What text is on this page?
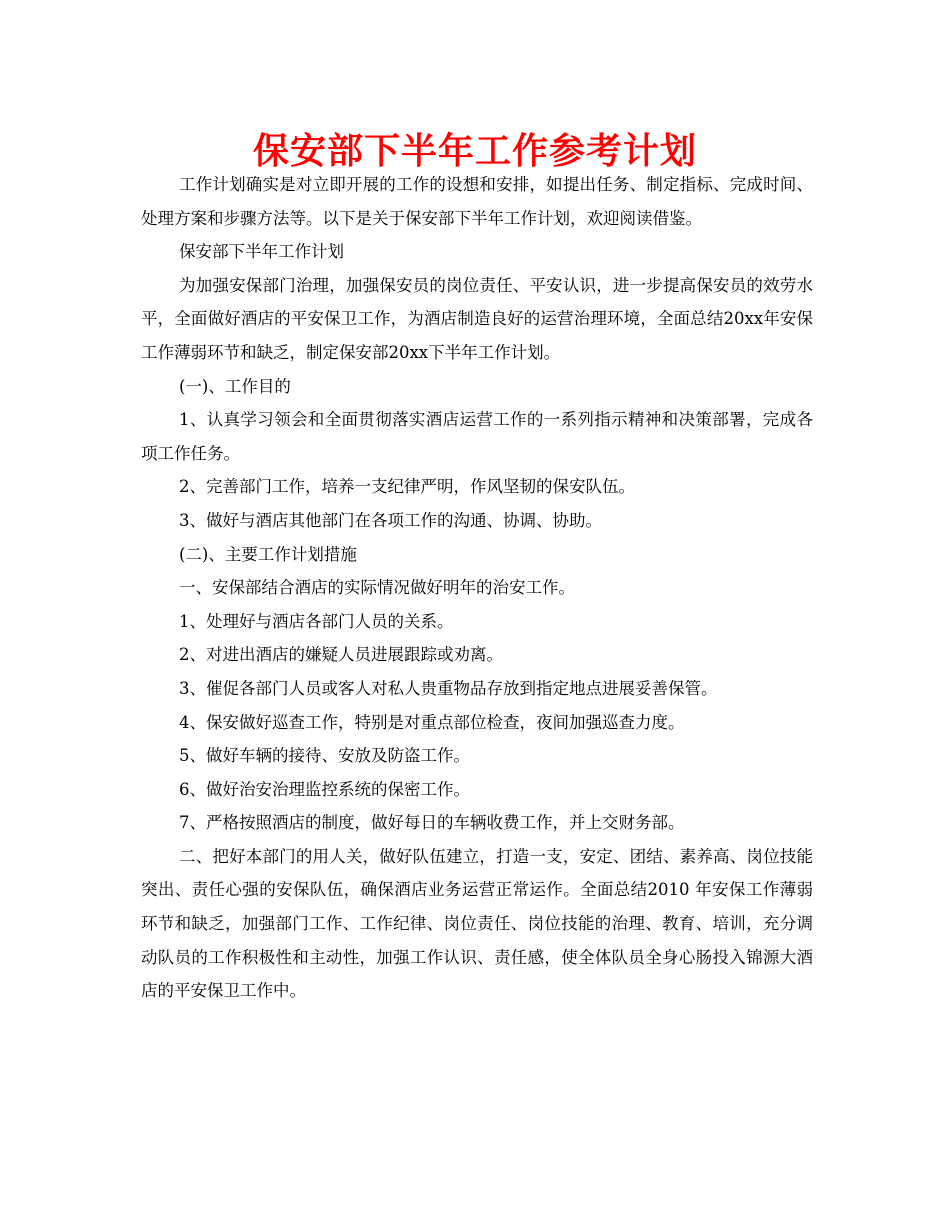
保安部下半年工作参考计划

工作计划确实是对立即开展的工作的设想和安排，如提出任务、制定指标、完成时间、处理方案和步骤方法等。以下是关于保安部下半年工作计划，欢迎阅读借鉴。

保安部下半年工作计划

为加强安保部门治理，加强保安员的岗位责任、平安认识，进一步提高保安员的效劳水平，全面做好酒店的平安保卫工作，为酒店制造良好的运营治理环境，全面总结20xx年安保工作薄弱环节和缺乏，制定保安部20xx下半年工作计划。

(一)、工作目的

1、认真学习领会和全面贯彻落实酒店运营工作的一系列指示精神和决策部署，完成各项工作任务。

2、完善部门工作，培养一支纪律严明，作风坚韧的保安队伍。

3、做好与酒店其他部门在各项工作的沟通、协调、协助。

(二)、主要工作计划措施

一、安保部结合酒店的实际情况做好明年的治安工作。

1、处理好与酒店各部门人员的关系。

2、对进出酒店的嫌疑人员进展跟踪或劝离。

3、催促各部门人员或客人对私人贵重物品存放到指定地点进展妥善保管。

4、保安做好巡查工作，特别是对重点部位检查，夜间加强巡查力度。

5、做好车辆的接待、安放及防盗工作。

6、做好治安治理监控系统的保密工作。

7、严格按照酒店的制度，做好每日的车辆收费工作，并上交财务部。

二、把好本部门的用人关，做好队伍建立，打造一支，安定、团结、素养高、岗位技能突出、责任心强的安保队伍，确保酒店业务运营正常运作。全面总结2010 年安保工作薄弱环节和缺乏，加强部门工作、工作纪律、岗位责任、岗位技能的治理、教育、培训，充分调动队员的工作积极性和主动性，加强工作认识、责任感，使全体队员全身心肠投入锦源大酒店的平安保卫工作中。
